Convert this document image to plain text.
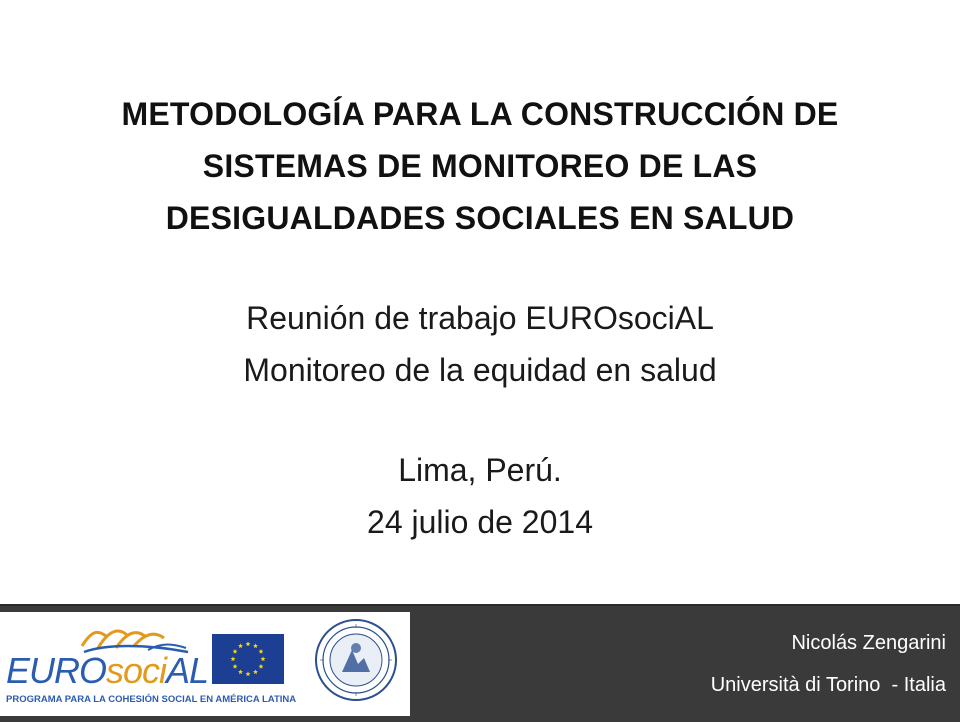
METODOLOGÍA PARA LA CONSTRUCCIÓN DE
SISTEMAS DE MONITOREO DE LAS
DESIGUALDADES SOCIALES EN SALUD
Reunión de trabajo EUROsociAL
Monitoreo de la equidad en salud
Lima, Perú.
24 julio de 2014
EUROsociAL
PROGRAMA PARA LA COHESIÓN SOCIAL EN AMÉRICA LATINA
Nicolás Zengarini
Università di Torino  - Italia
